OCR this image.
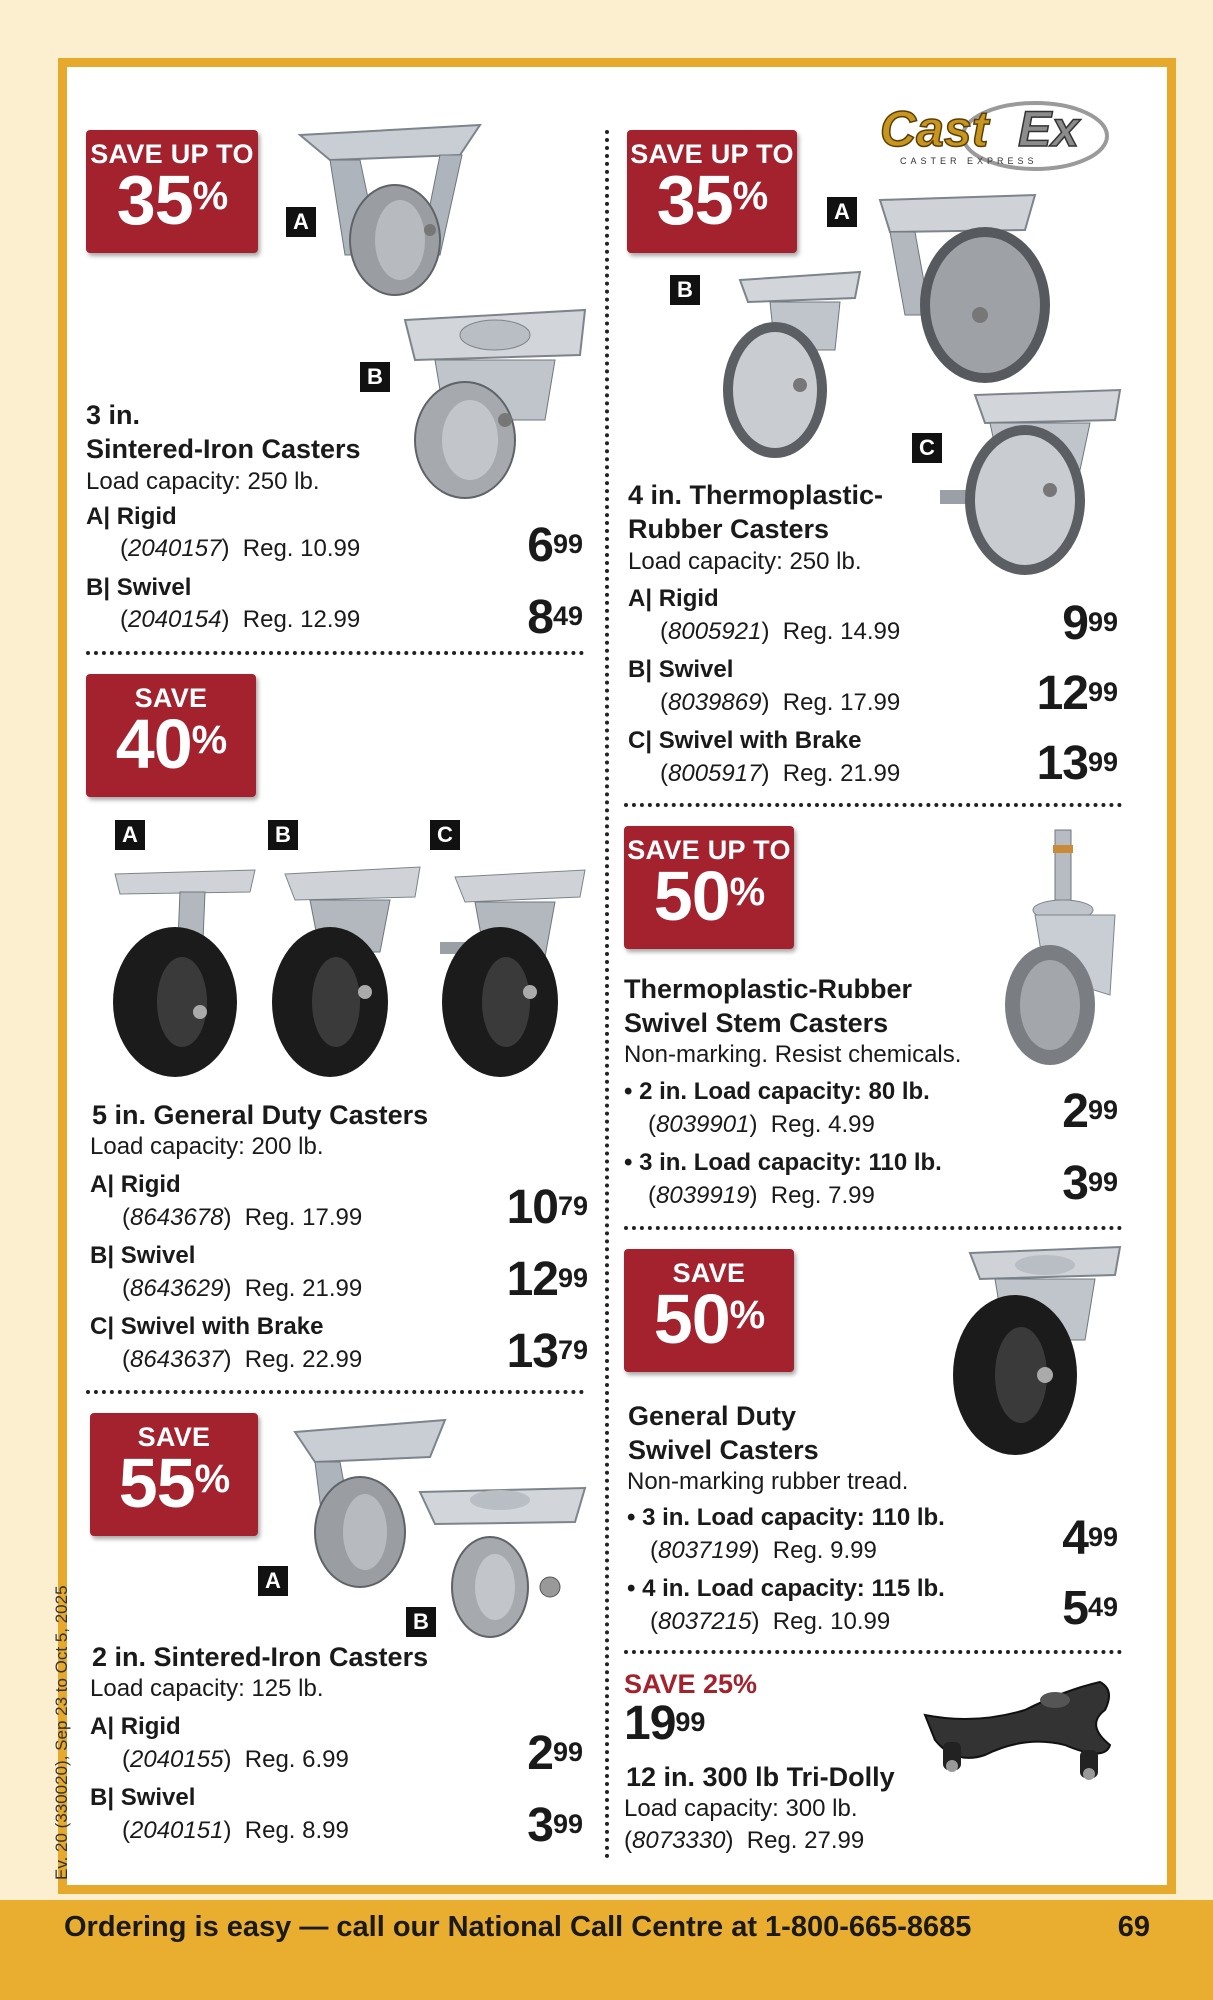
Cast Ex
CASTER EXPRESS
SAVE UP TO
35%
A
B
3 in.
Sintered-Iron Casters
Load capacity: 250 lb.
A| Rigid
(2040157)  Reg. 10.99	$6^{99}$
B| Swivel
(2040154)  Reg. 12.99	$8^{49}$
SAVE
40%
A	B	C
5 in. General Duty Casters
Load capacity: 200 lb.
A| Rigid
(8643678)  Reg. 17.99	$10^{79}$
B| Swivel
(8643629)  Reg. 21.99	$12^{99}$
C| Swivel with Brake
(8643637)  Reg. 22.99	$13^{79}$
SAVE
55%
A
B
2 in. Sintered-Iron Casters
Load capacity: 125 lb.
A| Rigid
(2040155)  Reg. 6.99	$2^{99}$
B| Swivel
(2040151)  Reg. 8.99	$3^{99}$
SAVE UP TO
35%	A
B
C
4 in. Thermoplastic-
Rubber Casters
Load capacity: 250 lb.
A| Rigid
(8005921)  Reg. 14.99	$9^{99}$
B| Swivel
(8039869)  Reg. 17.99	$12^{99}$
C| Swivel with Brake
(8005917)  Reg. 21.99	$13^{99}$
SAVE UP TO
50%
Thermoplastic-Rubber
Swivel Stem Casters
Non-marking. Resist chemicals.
• 2 in. Load capacity: 80 lb.
(8039901)  Reg. 4.99	$2^{99}$
• 3 in. Load capacity: 110 lb.
(8039919)  Reg. 7.99	$3^{99}$
SAVE
50%
General Duty
Swivel Casters
Non-marking rubber tread.
• 3 in. Load capacity: 110 lb.
(8037199)  Reg. 9.99	$4^{99}$
• 4 in. Load capacity: 115 lb.
(8037215)  Reg. 10.99	$5^{49}$
SAVE 25%
$19^{99}$
12 in. 300 lb Tri-Dolly
Load capacity: 300 lb.
(8073330)  Reg. 27.99
Ev. 20 (330020), Sep 23 to Oct 5, 2025
Ordering is easy — call our National Call Centre at 1-800-665-8685	69
